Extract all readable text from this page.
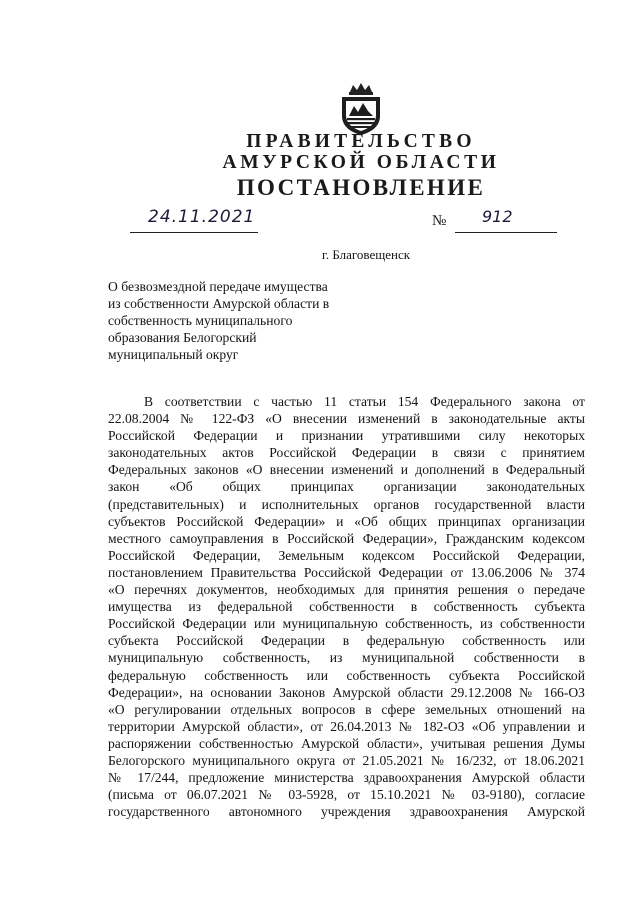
ПРАВИТЕЛЬСТВО
АМУРСКОЙ ОБЛАСТИ
ПОСТАНОВЛЕНИЕ
24.11.2021	№ 912
г. Благовещенск
О безвозмездной передаче имущества
из собственности Амурской области в
собственность муниципального
образования Белогорский
муниципальный округ
В соответствии с частью 11 статьи 154 Федерального закона от
22.08.2004 № 122-ФЗ «О внесении изменений в законодательные акты
Российской Федерации и признании утратившими силу некоторых
законодательных актов Российской Федерации в связи с принятием
Федеральных законов «О внесении изменений и дополнений в Федеральный
закон «Об общих принципах организации законодательных
(представительных) и исполнительных органов государственной власти
субъектов Российской Федерации» и «Об общих принципах организации
местного самоуправления в Российской Федерации», Гражданским кодексом
Российской Федерации, Земельным кодексом Российской Федерации,
постановлением Правительства Российской Федерации от 13.06.2006 № 374
«О перечнях документов, необходимых для принятия решения о передаче
имущества из федеральной собственности в собственность субъекта
Российской Федерации или муниципальную собственность, из собственности
субъекта Российской Федерации в федеральную собственность или
муниципальную собственность, из муниципальной собственности в
федеральную собственность или собственность субъекта Российской
Федерации», на основании Законов Амурской области 29.12.2008 № 166-ОЗ
«О регулировании отдельных вопросов в сфере земельных отношений на
территории Амурской области», от 26.04.2013 № 182-ОЗ «Об управлении и
распоряжении собственностью Амурской области», учитывая решения Думы
Белогорского муниципального округа от 21.05.2021 № 16/232, от 18.06.2021
№ 17/244, предложение министерства здравоохранения Амурской области
(письма от 06.07.2021 № 03-5928, от 15.10.2021 № 03-9180), согласие
государственного автономного учреждения здравоохранения Амурской
